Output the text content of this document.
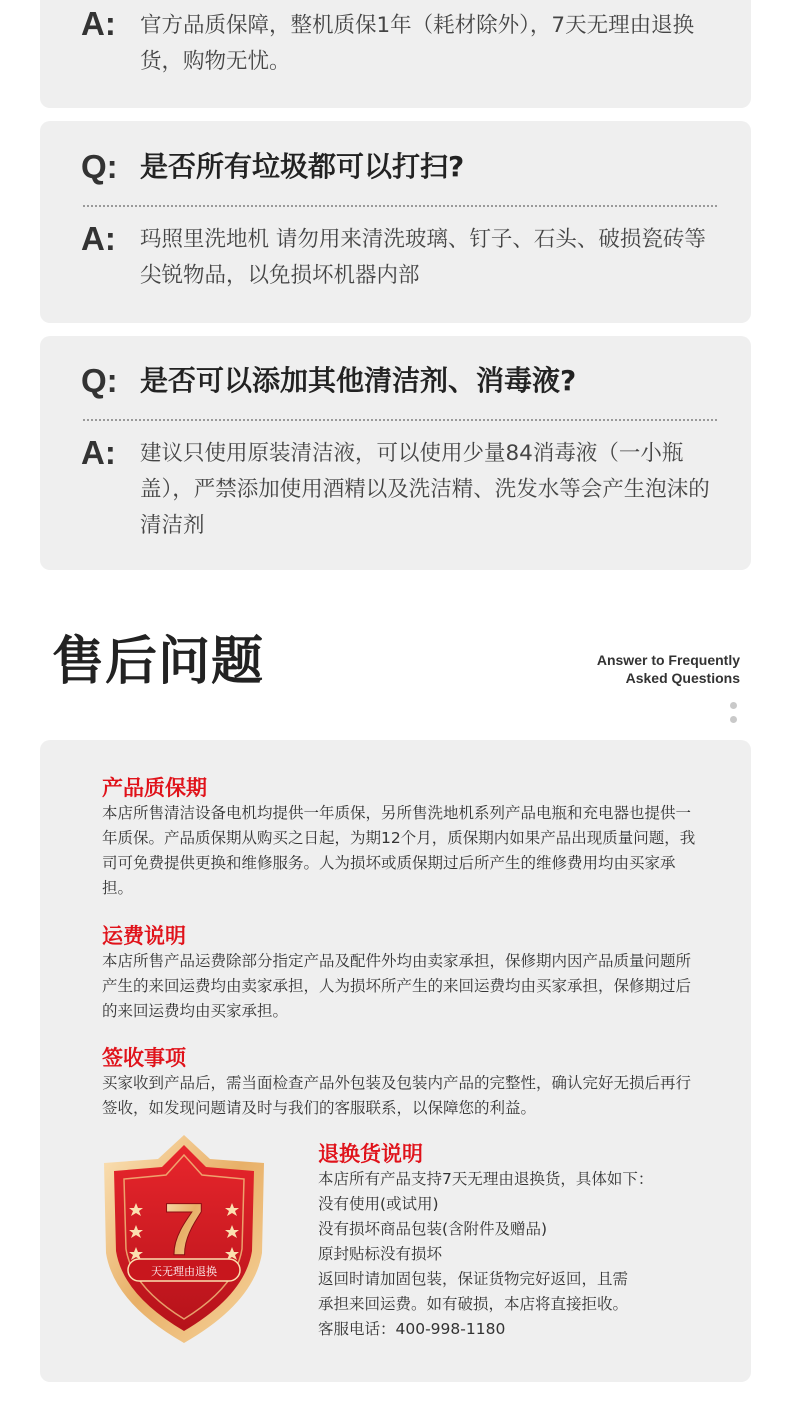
A: 官方品质保障，整机质保1年（耗材除外），7天无理由退换货，购物无忧。
Q: 是否所有垃圾都可以打扫?
A: 玛照里洗地机 请勿用来清洗玻璃、钉子、石头、破损瓷砖等尖锐物品，以免损坏机器内部
Q: 是否可以添加其他清洁剂、消毒液?
A: 建议只使用原装清洁液，可以使用少量84消毒液（一小瓶盖），严禁添加使用酒精以及洗洁精、洗发水等会产生泡沫的清洁剂
售后问题	Answer to Frequently
Asked Questions
产品质保期
本店所售清洁设备电机均提供一年质保，另所售洗地机系列产品电瓶和充电器也提供一年质保。产品质保期从购买之日起，为期12个月，质保期内如果产品出现质量问题，我司可免费提供更换和维修服务。人为损坏或质保期过后所产生的维修费用均由买家承担。
运费说明
本店所售产品运费除部分指定产品及配件外均由卖家承担，保修期内因产品质量问题所产生的来回运费均由卖家承担，人为损坏所产生的来回运费均由买家承担，保修期过后的来回运费均由买家承担。
签收事项
买家收到产品后，需当面检查产品外包装及包装内产品的完整性，确认完好无损后再行签收，如发现问题请及时与我们的客服联系，以保障您的利益。
7
天无理由退换
退换货说明
本店所有产品支持7天无理由退换货，具体如下：
没有使用(或试用)
没有损坏商品包装(含附件及赠品)
原封贴标没有损坏
返回时请加固包装，保证货物完好返回，且需
承担来回运费。如有破损，本店将直接拒收。
客服电话：400-998-1180
